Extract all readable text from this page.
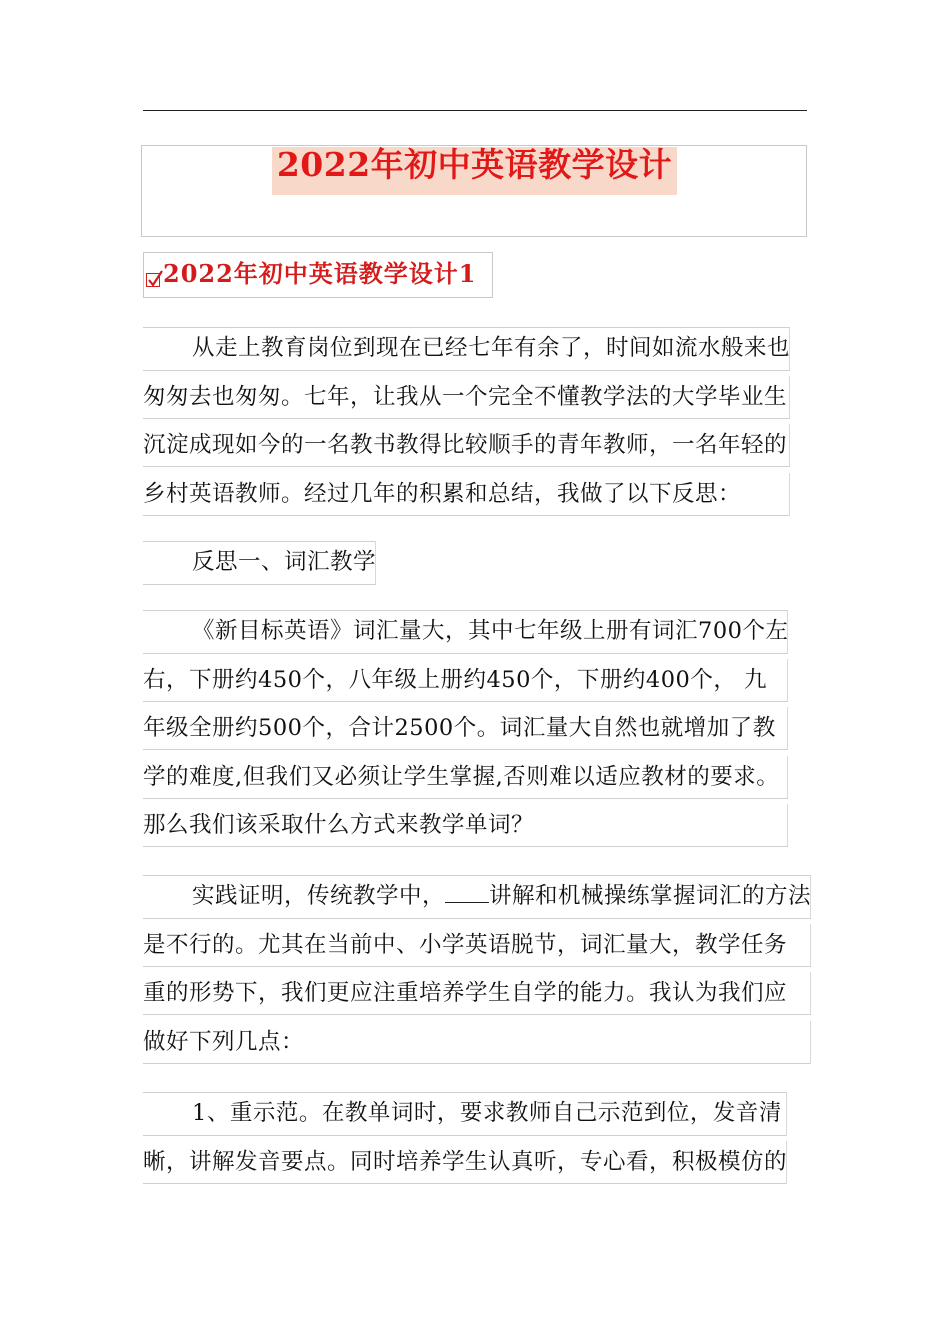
2022年初中英语教学设计
2022年初中英语教学设计1
从走上教育岗位到现在已经七年有余了，时间如流水般来也
匆匆去也匆匆。七年，让我从一个完全不懂教学法的大学毕业生
沉淀成现如今的一名教书教得比较顺手的青年教师，一名年轻的
乡村英语教师。经过几年的积累和总结，我做了以下反思：
反思一、词汇教学
《新目标英语》词汇量大，其中七年级上册有词汇700个左
右，下册约450个，八年级上册约450个，下册约400个， 九
年级全册约500个，合计2500个。词汇量大自然也就增加了教
学的难度,但我们又必须让学生掌握,否则难以适应教材的要求。
那么我们该采取什么方式来教学单词？
实践证明，传统教学中， 讲解和机械操练掌握词汇的方法
是不行的。尤其在当前中、小学英语脱节，词汇量大，教学任务
重的形势下，我们更应注重培养学生自学的能力。我认为我们应
做好下列几点：
1、重示范。在教单词时，要求教师自己示范到位，发音清
晰，讲解发音要点。同时培养学生认真听，专心看，积极模仿的
